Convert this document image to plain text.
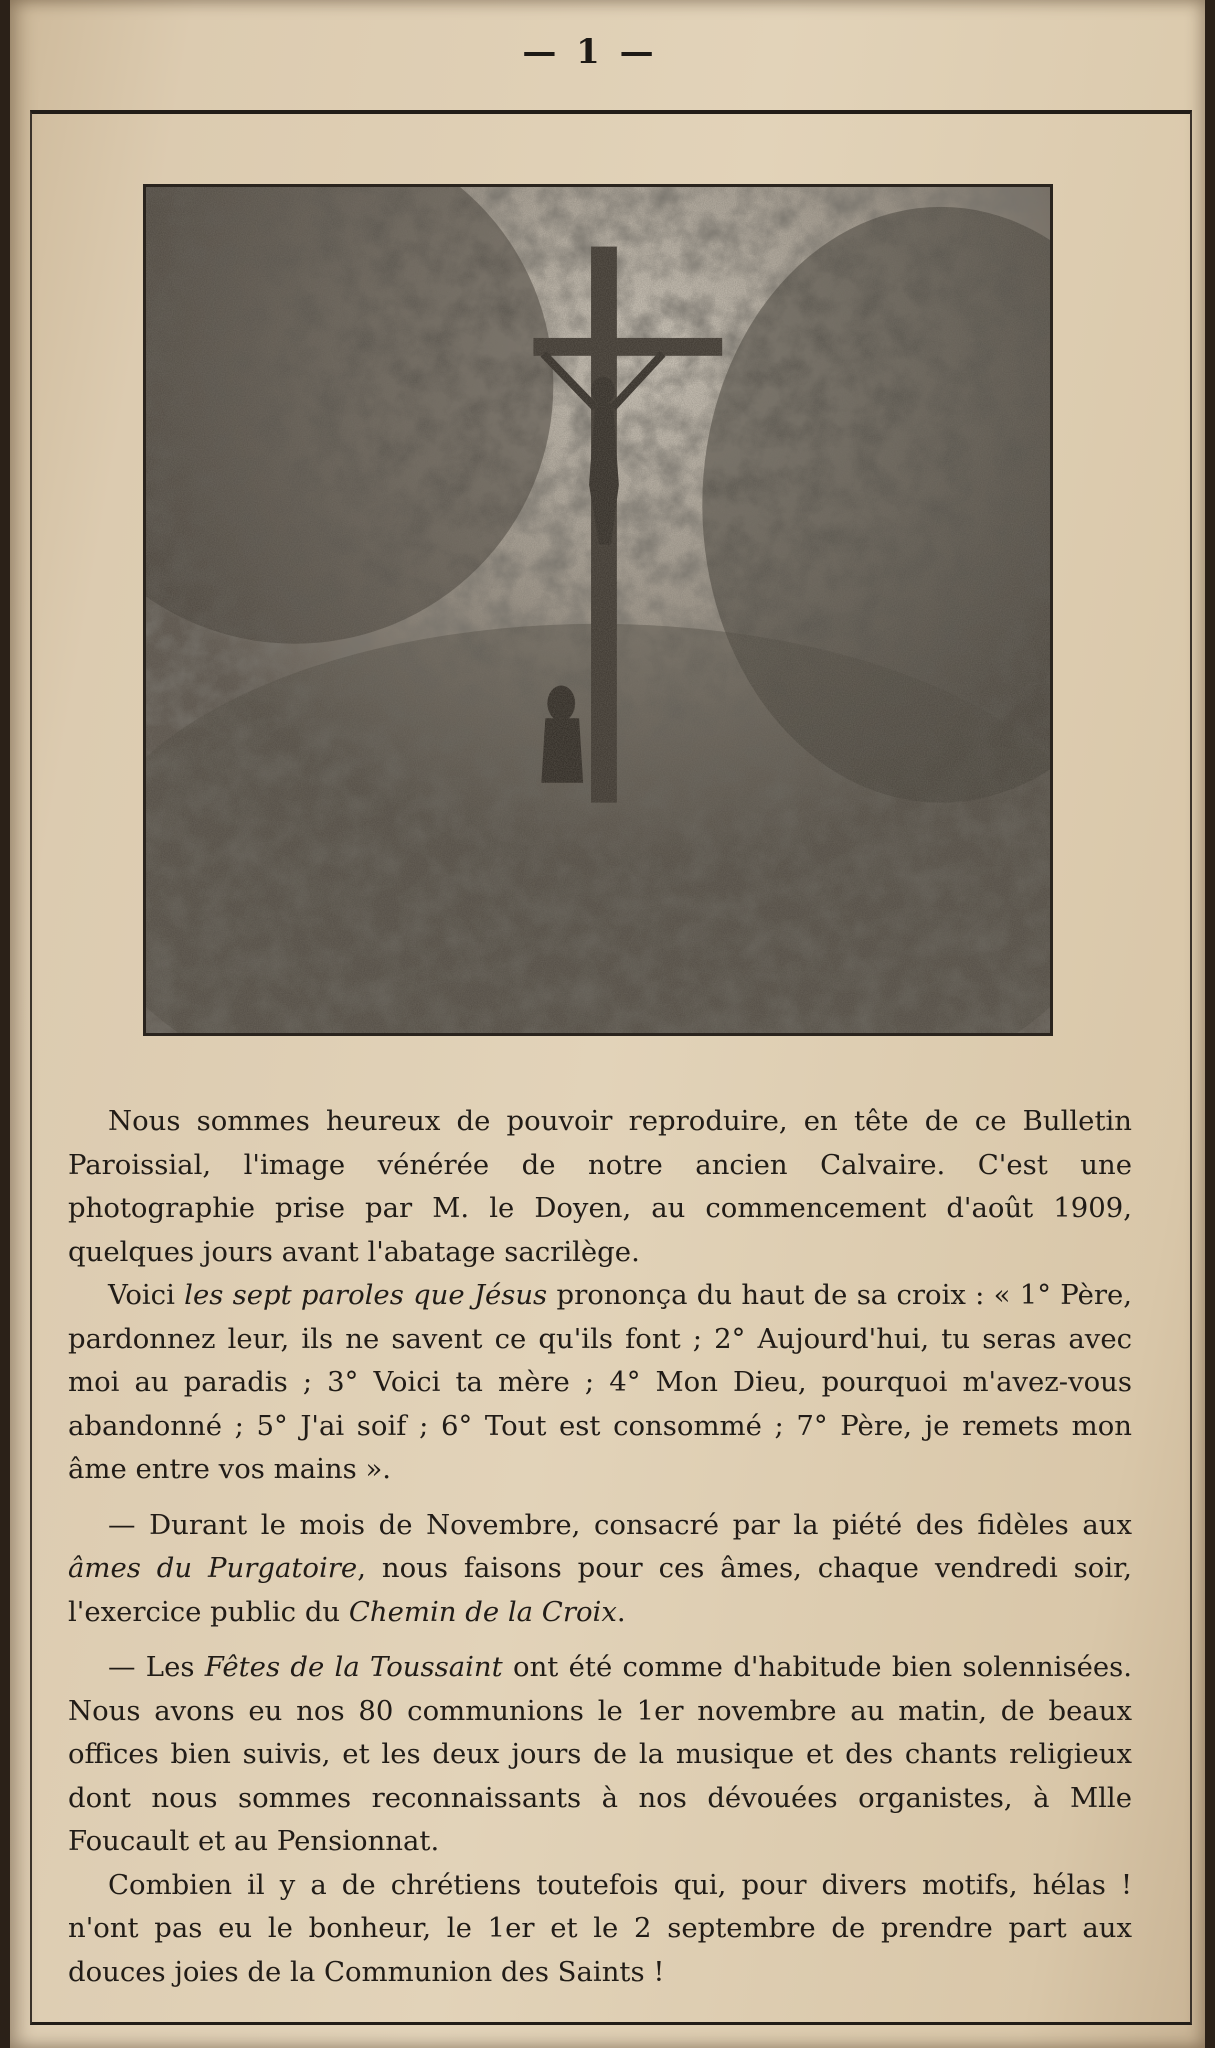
— 1 —

Nous sommes heureux de pouvoir reproduire, en tête de ce Bulletin Paroissial, l'image vénérée de notre ancien Calvaire. C'est une photographie prise par M. le Doyen, au commencement d'août 1909, quelques jours avant l'abatage sacrilège.

Voici les sept paroles que Jésus prononça du haut de sa croix : « 1° Père, pardonnez leur, ils ne savent ce qu'ils font ; 2° Aujourd'hui, tu seras avec moi au paradis ; 3° Voici ta mère ; 4° Mon Dieu, pourquoi m'avez-vous abandonné ; 5° J'ai soif ; 6° Tout est consommé ; 7° Père, je remets mon âme entre vos mains ».

— Durant le mois de Novembre, consacré par la piété des fidèles aux âmes du Purgatoire, nous faisons pour ces âmes, chaque vendredi soir, l'exercice public du Chemin de la Croix.

— Les Fêtes de la Toussaint ont été comme d'habitude bien solennisées. Nous avons eu nos 80 communions le 1er novembre au matin, de beaux offices bien suivis, et les deux jours de la musique et des chants religieux dont nous sommes reconnaissants à nos dévouées organistes, à Mlle Foucault et au Pensionnat.

Combien il y a de chrétiens toutefois qui, pour divers motifs, hélas ! n'ont pas eu le bonheur, le 1er et le 2 septembre de prendre part aux douces joies de la Communion des Saints !
